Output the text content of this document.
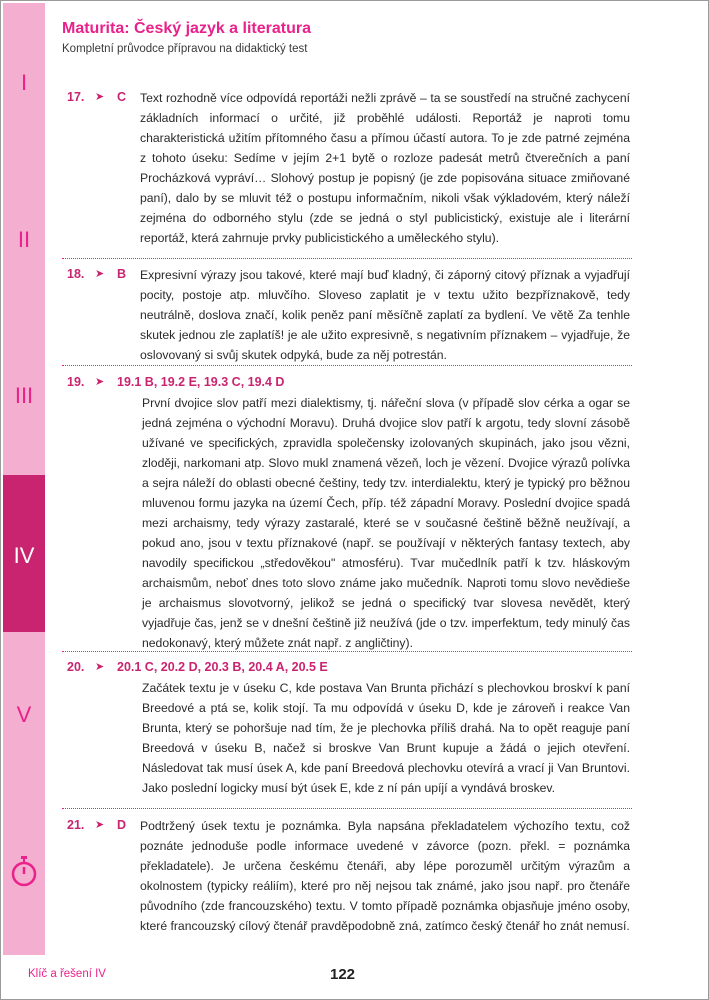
I
II
III
IV
V
Maturita: Český jazyk a literatura
Kompletní průvodce přípravou na didaktický test
17. ➤ C Text rozhodně více odpovídá reportáži nežli zprávě – ta se soustředí na stručné zachycení základních informací o určité, již proběhlé události. Reportáž je naproti tomu charakteristická užitím přítomného času a přímou účastí autora. To je zde patrné zejména z tohoto úseku: Sedíme v jejím 2+1 bytě o rozloze padesát metrů čtverečních a paní Procházková vypráví… Slohový postup je popisný (je zde popisována situace zmiňované paní), dalo by se mluvit též o postupu informačním, nikoli však výkladovém, který náleží zejména do odborného stylu (zde se jedná o styl publicistický, existuje ale i literární reportáž, která zahrnuje prvky publicistického a uměleckého stylu).
18. ➤ B Expresivní výrazy jsou takové, které mají buď kladný, či záporný citový příznak a vyjadřují pocity, postoje atp. mluvčího. Sloveso zaplatit je v textu užito bezpříznakově, tedy neutrálně, doslova značí, kolik peněz paní měsíčně zaplatí za bydlení. Ve větě Za tenhle skutek jednou zle zaplatíš! je ale užito expresivně, s negativním příznakem – vyjadřuje, že oslovovaný si svůj skutek odpyká, bude za něj potrestán.
19. ➤ 19.1 B, 19.2 E, 19.3 C, 19.4 D
První dvojice slov patří mezi dialektismy, tj. nářeční slova (v případě slov cérka a ogar se jedná zejména o východní Moravu). Druhá dvojice slov patří k argotu, tedy slovní zásobě užívané ve specifických, zpravidla společensky izolovaných skupinách, jako jsou vězni, zloději, narkomani atp. Slovo mukl znamená vězeň, loch je vězení. Dvojice výrazů polívka a sejra náleží do oblasti obecné češtiny, tedy tzv. interdialektu, který je typický pro běžnou mluvenou formu jazyka na území Čech, příp. též západní Moravy. Poslední dvojice spadá mezi archaismy, tedy výrazy zastaralé, které se v současné češtině běžně neužívají, a pokud ano, jsou v textu příznakové (např. se používají v některých fantasy textech, aby navodily specifickou „středověkou" atmosféru). Tvar mučedlník patří k tzv. hláskovým archaismům, neboť dnes toto slovo známe jako mučedník. Naproti tomu slovo nevědieše je archaismus slovotvorný, jelikož se jedná o specifický tvar slovesa nevědět, který vyjadřuje čas, jenž se v dnešní češtině již neužívá (jde o tzv. imperfektum, tedy minulý čas nedokonavý, který můžete znát např. z angličtiny).
20. ➤ 20.1 C, 20.2 D, 20.3 B, 20.4 A, 20.5 E
Začátek textu je v úseku C, kde postava Van Brunta přichází s plechovkou broskví k paní Breedové a ptá se, kolik stojí. Ta mu odpovídá v úseku D, kde je zároveň i reakce Van Brunta, který se pohoršuje nad tím, že je plechovka příliš drahá. Na to opět reaguje paní Breedová v úseku B, načež si broskve Van Brunt kupuje a žádá o jejich otevření. Následovat tak musí úsek A, kde paní Breedová plechovku otevírá a vrací ji Van Bruntovi. Jako poslední logicky musí být úsek E, kde z ní pán upíjí a vyndává broskev.
21. ➤ D Podtržený úsek textu je poznámka. Byla napsána překladatelem výchozího textu, což poznáte jednoduše podle informace uvedené v závorce (pozn. překl. = poznámka překladatele). Je určena českému čtenáři, aby lépe porozuměl určitým výrazům a okolnostem (typicky reáliím), které pro něj nejsou tak známé, jako jsou např. pro čtenáře původního (zde francouzského) textu. V tomto případě poznámka objasňuje jméno osoby, které francouzský cílový čtenář pravděpodobně zná, zatímco český čtenář ho znát nemusí.
Klíč a řešení IV	122
